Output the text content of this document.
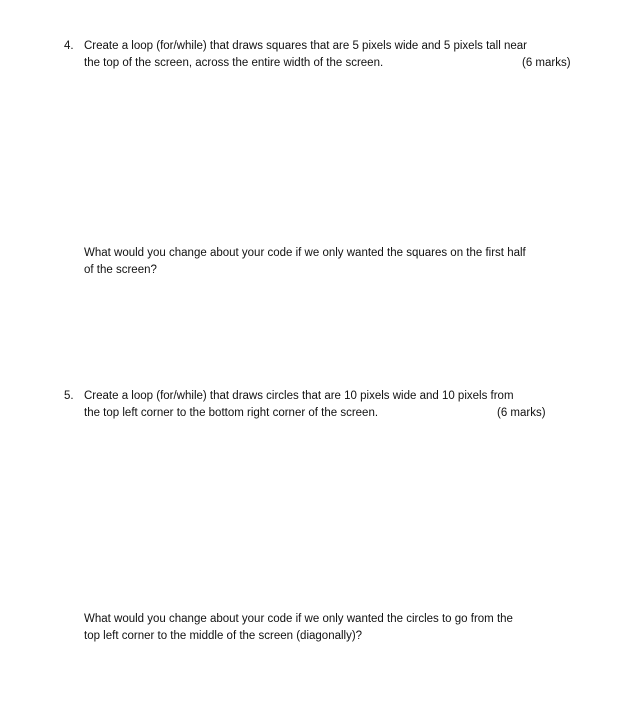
4. Create a loop (for/while) that draws squares that are 5 pixels wide and 5 pixels tall near
the top of the screen, across the entire width of the screen.	(6 marks)
What would you change about your code if we only wanted the squares on the first half
of the screen?
5. Create a loop (for/while) that draws circles that are 10 pixels wide and 10 pixels from
the top left corner to the bottom right corner of the screen.	(6 marks)
What would you change about your code if we only wanted the circles to go from the
top left corner to the middle of the screen (diagonally)?
